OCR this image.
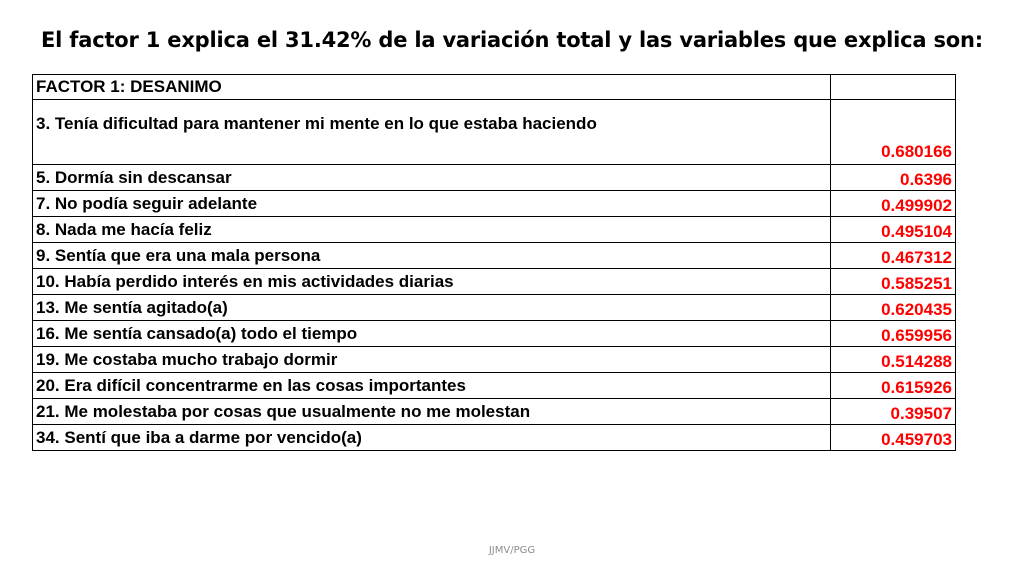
El factor 1 explica el 31.42% de la variación total y las variables que explica son:
FACTOR 1: DESANIMO	
3. Tenía dificultad para mantener mi mente en lo que estaba haciendo	0.680166
5. Dormía sin descansar	0.6396
7. No podía seguir adelante	0.499902
8. Nada me hacía feliz	0.495104
9. Sentía que era una mala persona	0.467312
10. Había perdido interés en mis actividades diarias	0.585251
13. Me sentía agitado(a)	0.620435
16. Me sentía cansado(a) todo el tiempo	0.659956
19. Me costaba mucho trabajo dormir	0.514288
20. Era difícil concentrarme en las cosas importantes	0.615926
21. Me molestaba por cosas que usualmente no me molestan	0.39507
34. Sentí que iba a darme por vencido(a)	0.459703
JJMV/PGG
